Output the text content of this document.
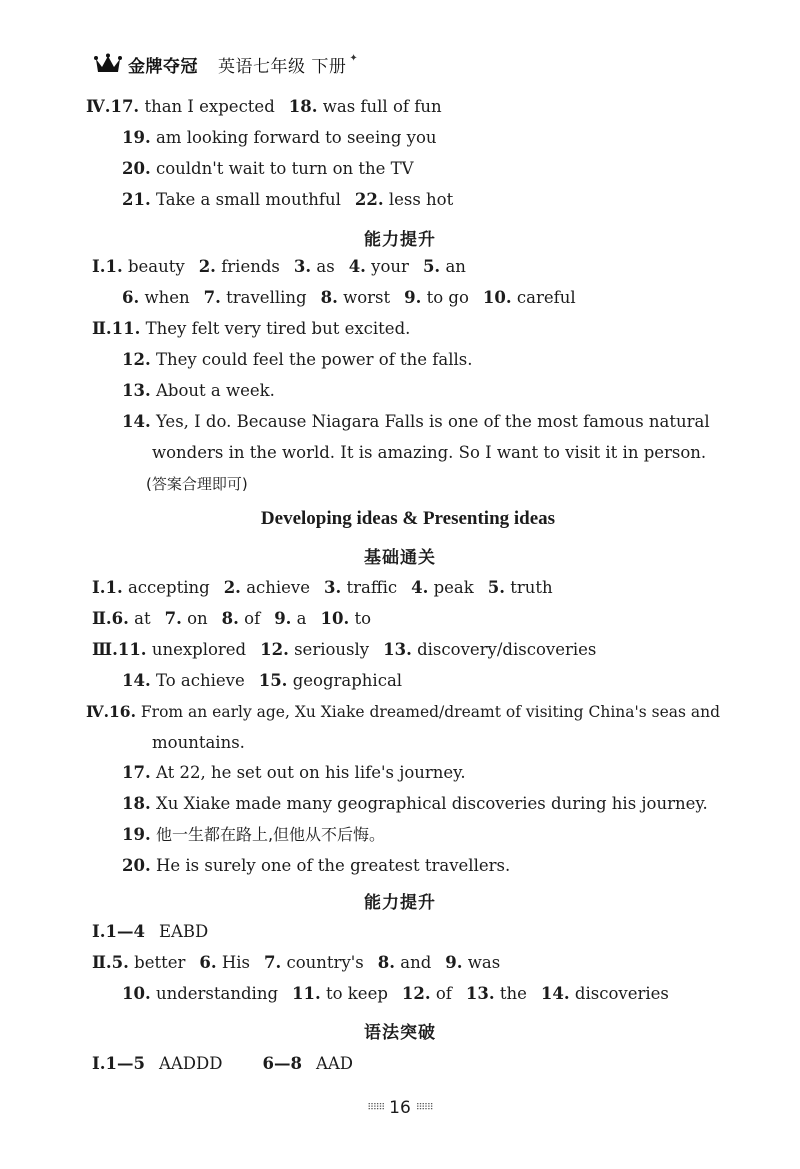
金牌夺冠 英语七年级 下册 ✦
Ⅳ.17. than I expected 18. was full of fun
19. am looking forward to seeing you
20. couldn't wait to turn on the TV
21. Take a small mouthful 22. less hot
能力提升
Ⅰ.1. beauty 2. friends 3. as 4. your 5. an
6. when 7. travelling 8. worst 9. to go 10. careful
Ⅱ.11. They felt very tired but excited.
12. They could feel the power of the falls.
13. About a week.
14. Yes, I do. Because Niagara Falls is one of the most famous natural
wonders in the world. It is amazing. So I want to visit it in person.
(答案合理即可)
Developing ideas & Presenting ideas
基础通关
Ⅰ.1. accepting 2. achieve 3. traffic 4. peak 5. truth
Ⅱ.6. at 7. on 8. of 9. a 10. to
Ⅲ.11. unexplored 12. seriously 13. discovery/discoveries
14. To achieve 15. geographical
Ⅳ.16. From an early age, Xu Xiake dreamed/dreamt of visiting China's seas and
mountains.
17. At 22, he set out on his life's journey.
18. Xu Xiake made many geographical discoveries during his journey.
19. 他一生都在路上,但他从不后悔。
20. He is surely one of the greatest travellers.
能力提升
Ⅰ.1—4 EABD
Ⅱ.5. better 6. His 7. country's 8. and 9. was
10. understanding 11. to keep 12. of 13. the 14. discoveries
语法突破
Ⅰ.1—5 AADDD 6—8 AAD
⠿⠿⠿ 16 ⠿⠿⠿
